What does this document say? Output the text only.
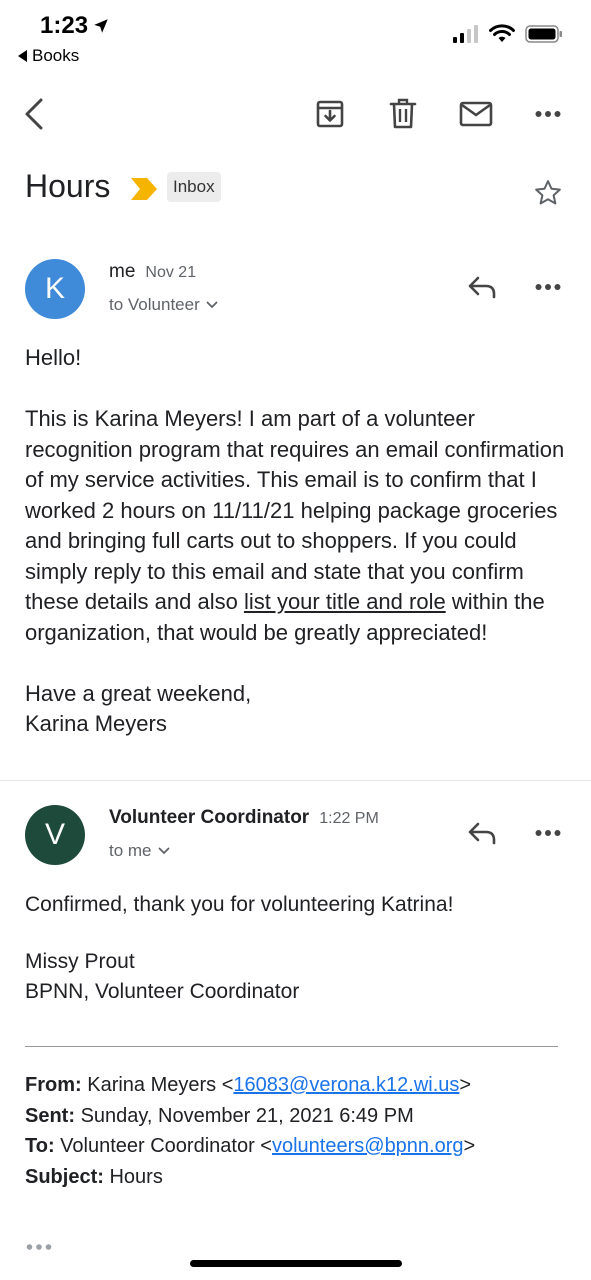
1:23
Books
Hours	Inbox
K
me Nov 21
to Volunteer

Hello!

This is Karina Meyers! I am part of a volunteer recognition program that requires an email confirmation of my service activities. This email is to confirm that I worked 2 hours on 11/11/21 helping package groceries and bringing full carts out to shoppers. If you could simply reply to this email and state that you confirm these details and also list your title and role within the organization, that would be greatly appreciated!

Have a great weekend,

Karina Meyers

V
Volunteer Coordinator 1:22 PM
to me

Confirmed, thank you for volunteering Katrina!

Missy Prout

BPNN, Volunteer Coordinator

From: Karina Meyers <16083@verona.k12.wi.us>

Sent: Sunday, November 21, 2021 6:49 PM

To: Volunteer Coordinator <volunteers@bpnn.org>

Subject: Hours
